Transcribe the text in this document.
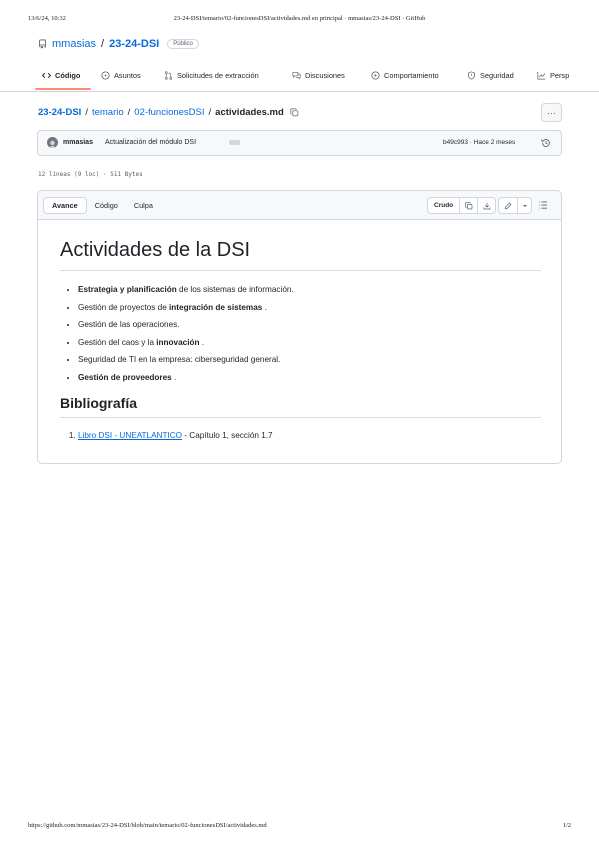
13/6/24, 10:32	23-24-DSI/temario/02-funcionesDSI/actividades.md en principal · mmasias/23-24-DSI · GitHub
mmasias / 23-24-DSI	Público
Código	Asuntos	Solicitudes de extracción	Discusiones	Comportamiento	Seguridad	Persp
23-24-DSI / temario / 02-funcionesDSI / actividades.md	···
mmasias Actualización del módulo DSI	b49c993 · Hace 2 meses
12 líneas (9 loc) · 511 Bytes
Avance	Código	Culpa	Crudo
Actividades de la DSI
• Estrategia y planificación de los sistemas de información.
• Gestión de proyectos de integración de sistemas .
• Gestión de las operaciones.
• Gestión del caos y la innovación .
• Seguridad de TI en la empresa: ciberseguridad general.
• Gestión de proveedores .
Bibliografía
1. Libro DSI - UNEATLANTICO - Capítulo 1, sección 1.7
https://github.com/mmasias/23-24-DSI/blob/main/temario/02-funcionesDSI/actividades.md	1/2
